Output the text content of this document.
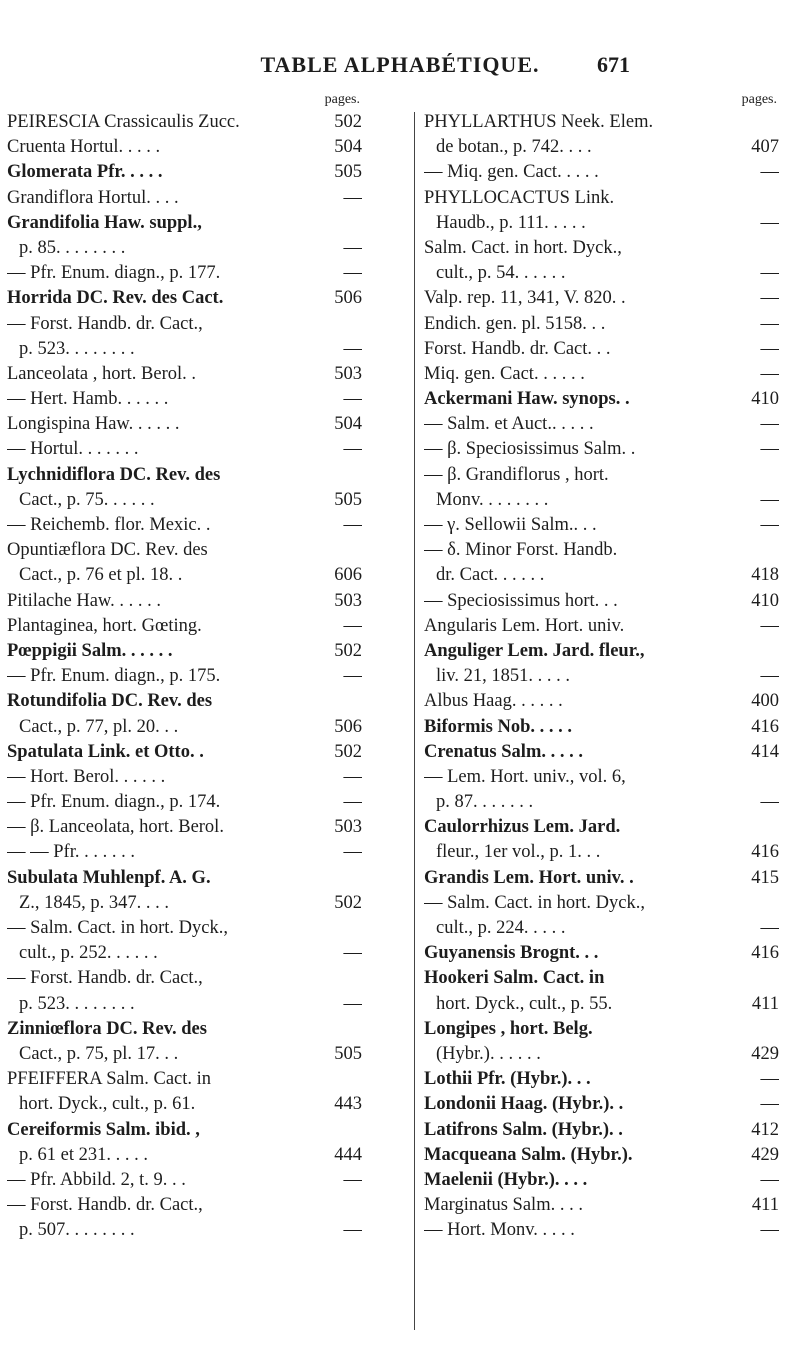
TABLE ALPHABÉTIQUE.	671
pages.
PEIRESCIA Crassicaulis Zucc.	502
Cruenta Hortul. . . . .	504
Glomerata Pfr. . . . .	505
Grandiflora Hortul. . . .	—
Grandifolia Haw. suppl.,
p. 85. . . . . . . .	—
— Pfr. Enum. diagn., p. 177.	—
Horrida DC. Rev. des Cact.	506
— Forst. Handb. dr. Cact.,
p. 523. . . . . . . .	—
Lanceolata , hort. Berol. .	503
— Hert. Hamb. . . . . .	—
Longispina Haw. . . . . .	504
— Hortul. . . . . . .	—
Lychnidiflora DC. Rev. des
Cact., p. 75. . . . . .	505
— Reichemb. flor. Mexic. .	—
Opuntiæflora DC. Rev. des
Cact., p. 76 et pl. 18. .	606
Pitilache Haw. . . . . .	503
Plantaginea, hort. Gœting.	—
Pœppigii Salm. . . . . .	502
— Pfr. Enum. diagn., p. 175.	—
Rotundifolia DC. Rev. des
Cact., p. 77, pl. 20. . .	506
Spatulata Link. et Otto. .	502
— Hort. Berol. . . . . .	—
— Pfr. Enum. diagn., p. 174.	—
— β. Lanceolata, hort. Berol.	503
— — Pfr. . . . . . .	—
Subulata Muhlenpf. A. G.
Z., 1845, p. 347. . . .	502
— Salm. Cact. in hort. Dyck.,
cult., p. 252. . . . . .	—
— Forst. Handb. dr. Cact.,
p. 523. . . . . . . .	—
Zinniœflora DC. Rev. des
Cact., p. 75, pl. 17. . .	505
PFEIFFERA Salm. Cact. in
hort. Dyck., cult., p. 61.	443
Cereiformis Salm. ibid. ,
p. 61 et 231. . . . .	444
— Pfr. Abbild. 2, t. 9. . .	—
— Forst. Handb. dr. Cact.,
p. 507. . . . . . . .	—
pages.
PHYLLARTHUS Neek. Elem.
de botan., p. 742. . . .	407
— Miq. gen. Cact. . . . .	—
PHYLLOCACTUS Link.
Haudb., p. 111. . . . .	—
Salm. Cact. in hort. Dyck.,
cult., p. 54. . . . . .	—
Valp. rep. 11, 341, V. 820. .	—
Endich. gen. pl. 5158. . .	—
Forst. Handb. dr. Cact. . .	—
Miq. gen. Cact. . . . . .	—
Ackermani Haw. synops. .	410
— Salm. et Auct.. . . . .	—
— β. Speciosissimus Salm. .	—
— β. Grandiflorus , hort.
Monv. . . . . . . .	—
— γ. Sellowii Salm.. . .	—
— δ. Minor Forst. Handb.
dr. Cact. . . . . .	418
— Speciosissimus hort. . .	410
Angularis Lem. Hort. univ.	—
Anguliger Lem. Jard. fleur.,
liv. 21, 1851. . . . .	—
Albus Haag. . . . . .	400
Biformis Nob. . . . .	416
Crenatus Salm. . . . .	414
— Lem. Hort. univ., vol. 6,
p. 87. . . . . . .	—
Caulorrhizus Lem. Jard.
fleur., 1er vol., p. 1. . .	416
Grandis Lem. Hort. univ. .	415
— Salm. Cact. in hort. Dyck.,
cult., p. 224. . . . .	—
Guyanensis Brognt. . .	416
Hookeri Salm. Cact. in
hort. Dyck., cult., p. 55.	411
Longipes , hort. Belg.
(Hybr.). . . . . .	429
Lothii Pfr. (Hybr.). . .	—
Londonii Haag. (Hybr.). .	—
Latifrons Salm. (Hybr.). .	412
Macqueana Salm. (Hybr.).	429
Maelenii (Hybr.). . . .	—
Marginatus Salm. . . .	411
— Hort. Monv. . . . .	—
